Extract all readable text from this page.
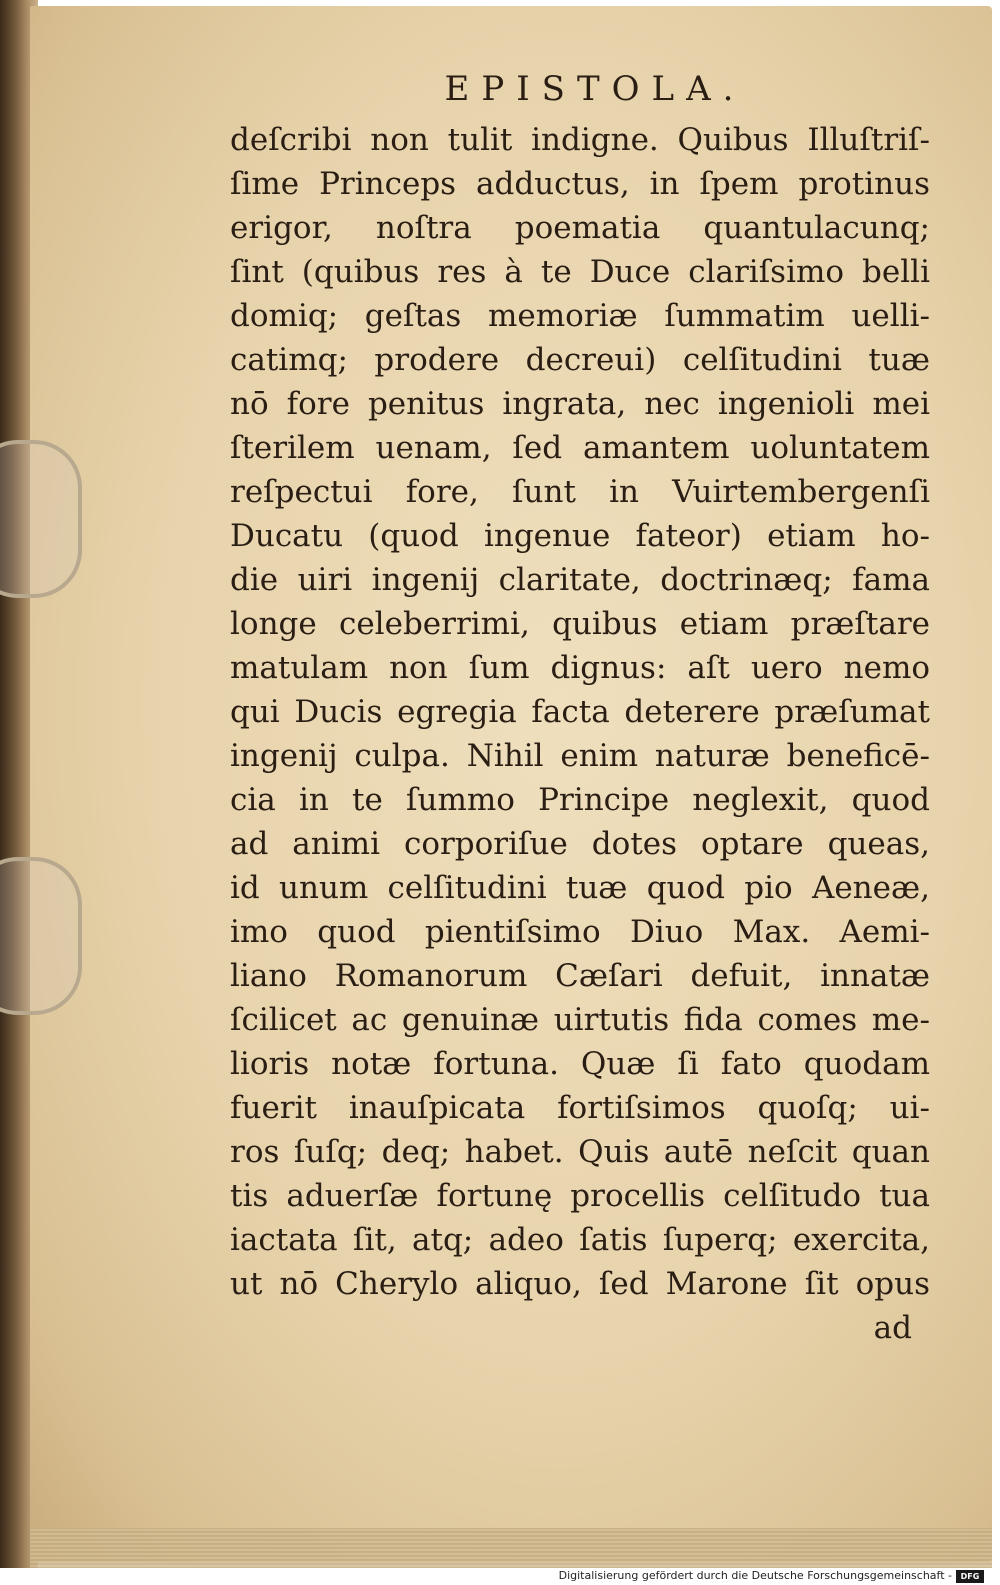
EPISTOLA.
deſcribi non tulit indigne. Quibus Illuſtriſ-
ſime Princeps adductus, in ſpem protinus
erigor, noſtra poematia quantulacunq;
ſint (quibus res à te Duce clariſsimo belli
domiq; geſtas memoriæ ſummatim uelli-
catimq; prodere decreui) celſitudini tuæ
nō fore penitus ingrata, nec ingenioli mei
ſterilem uenam, ſed amantem uoluntatem
reſpectui fore, ſunt in Vuirtembergenſi
Ducatu (quod ingenue fateor) etiam ho-
die uiri ingenij claritate, doctrinæq; fama
longe celeberrimi, quibus etiam præſtare
matulam non ſum dignus: aſt uero nemo
qui Ducis egregia facta deterere præſumat
ingenij culpa. Nihil enim naturæ beneficē-
cia in te ſummo Principe neglexit, quod
ad animi corporiſue dotes optare queas,
id unum celſitudini tuæ quod pio Aeneæ,
imo quod pientiſsimo Diuo Max. Aemi-
liano Romanorum Cæſari defuit, innatæ
ſcilicet ac genuinæ uirtutis fida comes me-
lioris notæ fortuna. Quæ ſi fato quodam
fuerit inauſpicata fortiſsimos quoſq; ui-
ros ſuſq; deq; habet. Quis autē neſcit quan
tis aduerſæ fortunę procellis celſitudo tua
iactata ſit, atq; adeo ſatis ſuperq; exercita,
ut nō Cherylo aliquo, ſed Marone ſit opus
ad
Digitalisierung gefördert durch die Deutsche Forschungsgemeinschaft -	DFG
